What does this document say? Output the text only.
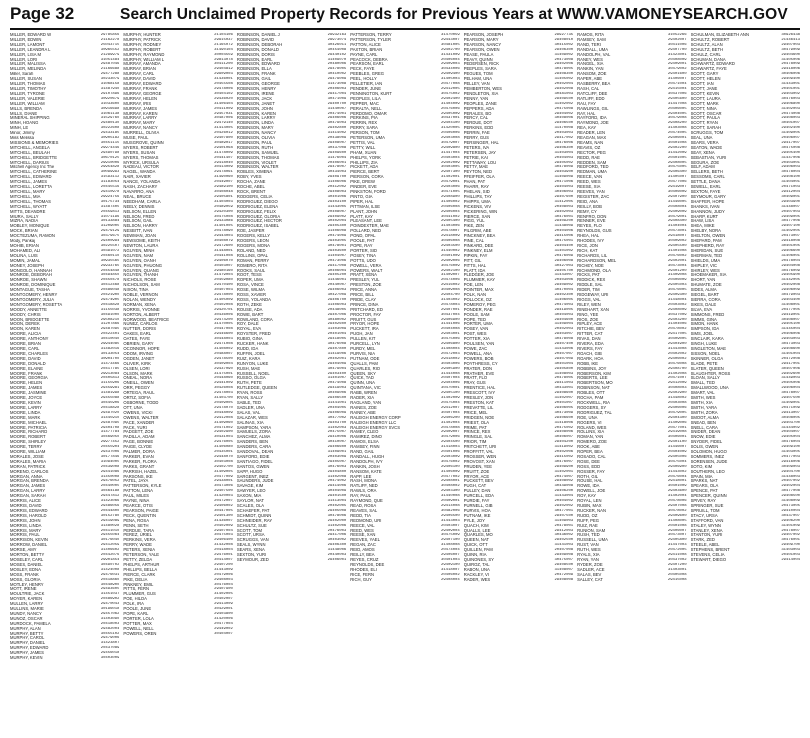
Page 32	Search Unclaimed Property Records for Previous Years at WWW.VAMONEYSEARCH.GOV
MILLER, EDWARD W	29785856
MILLER, EDWIN	21162278
MILLER, LAMONT	25043715
MILLER, LEANDRA L	30965552
MILLER, LISA M	21299979
MILLER, LORI	31051484
MILLER, MALISSA	29487046
MILLER, MELINDA	21166688
Miller, Sarah	29477288
MILLER, SUSAN	30233079
MILLER, THOMAS	31068158
MILLER, TIMOTHY	31487940
MILLER, TYRONE	29107896
MILLER, VALERIE	30920679
MILLER, WILLIAM	31033600
MILLS, BRENDA	30916698
MILLS, DIANE	31061138
MINERAL SHIPPING	31529760
MINH, HOANG	29480130
MINH, LE	30222608
Minor, Jimmy	29433185
Miss Melissa	30905182
MISSIONS & MEMORIES	30451115
MITCHELL, ANGELA	29974446
MITCHELL, BEULAH	29490798
MITCHELL, BRIDGETTE	30670125
MITCHELL, DARIUS	29910006
Mitchell Agency Inc The	29954828
MITCHELL, CATHERINE	30099993
MITCHELL, EDWARD	31593112
MITCHELL, JAMES	31183054
MITCHELL, LORETTA	20445516
MITCHELL, MARY	29410978
MITCHELL, MIA	29924756
MITCHELL, THOMAS	30175734
MITCHELL, WYATT	31487405
MITTS, DEANDRE	20459813
MIURA, SALLY	31071196
MIZRA, NADIA	30133884
MOBLEY, MONIQUE	31209005
MOCK, BRIAN	29479129
MOCTEZUMA, RAMON	30379675
Mody, Pankaj	29400994
MOHIB, ERIAN	30225507
MOHAMED, ALI	30391072
MOLINA, LUIS	20460110
MOMIN, JAMAL	30935565
MONEY, JOSEPH	29933765
MONGOLO, HANNAH	20454848
MONROE, DEBORAH	30494850
MONROE, SHAWN	20450478
MONROE, DOMINIQUE	30412468
MONTAGUE, TASHA	20486048
MONTGOMERY, HENRY	20421900
MONTGOMERY, JULIA	29474905
MONTGOMERY, ROSETTA	20418828
MOODY, ANNETTE	31155038
MOODY, CHRIS	30491000
MOON, BRIDGETTE	29508210
MOON, DEREK	31207866
MOON, KAREN	29487095
MOORE, ALICIA	20422401
MOORE, ANTHONY	30410040
MOORE, BRIAN	29944085
MOORE, CARL	31482016
MOORE, CHARLES	30133054
MOORE, DAVID	30904700
MOORE, DONALD	31473466
MOORE, ELAINE	20417785
MOORE, FRANK	29913084
MOORE, GEORGIA	20405813
MOORE, HELEN	31155906
MOORE, JAMES	29459981
MOORE, JASMINE	31481998
MOORE, JOYCE	29455088
MOORE, KEVIN	30445906
MOORE, LARRY	20418828
MOORE, LINDA	29497020
MOORE, MARK	31445910
MOORE, MICHAEL	29487095
MOORE, PATRICIA	29404708
MOORE, RICHARD	31477784
MOORE, ROBERT	30469050
MOORE, SHIRLEY	29977452
MOORE, TERRY	20455904
MOORE, WILLIAM	29437006
MORALES, JOSE	30177846
MORALES, MARIA	31094005
MORAN, PATRICK	20439008
MORENO, CARLOS	29441086
MORGAN, ANNA	31450008
MORGAN, BRENDA	29476052
MORGAN, JAMES	20440005
MORGAN, LARRY	30464188
MORGAN, SARAH	29447812
MORRIS, ALICE	31423066
MORRIS, DAVID	29486056
MORRIS, EDWARD	20444800
MORRIS, HAROLD	30152780
MORRIS, JOHN	29419089
MORRIS, LINDA	31480028
MORRIS, MARY	20411010
MORRIS, PAUL	29455064
MORRISON, KEVIN	30176040
MORROW, DANIEL	29412059
MORSE, AMY	31406602
MORTON, BETTY	20442076
MOSELEY, CARL	29901854
MOSES, DANIEL	30490702
MOSLEY, EDNA	31424008
MOSS, FRANK	29476031
MOSS, GLORIA	20418860
MOTLEY, HENRY	30448900
MOTT, IRENE	29493605
MOULTRIE, JACK	31451037
MOYER, KAREN	20486902
MULLEN, LARRY	29470043
MULLINS, MARIE	30196018
MUNDY, NANCY	29457062
MUNOZ, OSCAR	31403090
MURDOCK, PAMELA	20418003
MURPHY, ALAN	29482004
MURPHY, BETTY	30455102
MURPHY, CAROL	29479006
MURPHY, DANIEL	31423807
MURPHY, EDWARD	20437089
MURPHY, JAMES	29456018
MURPHY, KEVIN	30403009
MURPHY, HUNTER	21104106
MURPHY, PATRICK	29915037
MURPHY, RODNEY	21165072
MURPHY, ROBERT	31490104
MURPHY, RAYMOND	30004559
MURPHY, WILLIAM L	29813078
MURRAY, AMANDA	30411200
MURRAY, BRIAN	29404812
MURRAY, CARL	29909003
MURRAY, DAVID	31436001
MURRAY, EDWARD	20455508
MURRAY, FRANK	29478006
MURRAY, GEORGE	30404102
MURRAY, HELEN	29436020
MURRAY, IRIS	31406404
MURRAY, JAMES	20411009
MURRAY, KAREN	29457031
MURRAY, LARRY	30487006
MURRAY, MARY	29479140
MURRAY, NANCY	31414005
MURRELL, OLIVIA	20426012
MUSE, PAUL	29407800
MUSGROVE, QUINN	30489017
MYERS, ROBERT	29401068
MYERS, SUSAN	31478009
MYERS, THOMAS	20441407
MYRICK, URSULA	29418040
NADEAU, VICTOR	30414009
NAGEL, WANDA	29478061
NAIR, XAVIER	31490060
NANCE, YOLANDA	20449007
NASH, ZACHARY	29489100
NAVARRO, ANA	30408048
NEAL, BRUCE	29405801
NEEDHAM, CARLA	31404003
NEELY, DENNIS	20489059
NELSON, ELLEN	29420300
NELSON, FRED	30475008
NELSON, GAIL	29433086
NELSON, HARRY	31401005
NESBITT, IVAN	20478090
NEWMAN, JOAN	29444003
NEWSOME, KEITH	30408079
NEWTON, LAURA	29472600
NGUYEN, MINH	31448001
NGUYEN, NAM	20441008
NGUYEN, OANH	29406070
NGUYEN, PHUONG	30403007
NGUYEN, QUANG	29480160
NGUYEN, THANH	31479004
NICHOLS, ROSE	20459080
NICHOLSON, SAM	29470400
NIXON, TINA	30407003
NOBLE, VERNON	29478000
NOLAN, WENDY	31405009
NORMAN, XENA	20402008
NORRIS, YVONNE	29420701
NORTON, ALBERT	30436006
NORWOOD, BEATRICE	29474200
NUNEZ, CARLOS	31470005
NUTTER, DORIS	20447008
OAKES, EARL	29446600
OATES, FAYE	30448003
OBRIEN, GARY	29471008
OCONNOR, HOPE	31408002
ODOM, IRVING	20488007
OGDEN, JANET	29478500
OLIVER, KIRK	30409004
OLSEN, LORI	29437090
OLSON, MARK	31475001
ONEAL, NORA	20448060
ONEILL, OWEN	29441009
ORR, PEGGY	30426008
ORTEGA, RAUL	29478003
ORTIZ, SOFIA	31403700
OSBORNE, TODD	20409005
OTT, UNA	29478070
OWENS, VICKI	30448009
OWENS, WALTER	29412008
PACE, XANDER	31409060
PACK, YURI	20471002
PADGETT, ZOE	29402900
PADILLA, ADAM	30431003
PAGE, BONNIE	29476005
PAIGE, CLYDE	31406080
PALMER, DORA	20435001
PARKER, EVAN	29448070
PARKER, FLORA	30403008
PARKS, GRANT	29402700
PARRISH, HAZEL	31409005
PARSONS, IKE	20477009
PATEL, JAYA	29438001
PATTERSON, KYLE	30473006
PATTON, LENA	29407500
PAUL, MILES	31420003
PAYNE, NINA	20472007
PEARCE, OTIS	29406002
PEARSON, PAIGE	30447005
PECK, QUENTIN	29401300
PENA, ROSA	31436007
PENN, SETH	20402009
PERDUE, TARA	29407004
PEREZ, URIEL	30475003
PERKINS, VERA	29406400
PERRY, WADE	31432008
PETERS, XENIA	20418004
PETERSON, YALE	29476001
PETTY, ZELDA	30414007
PHELPS, ARTHUR	29407200
PHILLIPS, BELLA	31443009
PIERCE, CLARK	20479006
PIKE, DELIA	29408003
PINKNEY, EMIL	30476004
PITTS, FERN	29407900
PLUMMER, GUS	31402005
POE, HILDA	20402007
POLK, IRA	29413009
POOLE, JUNE	30429001
POPE, KARL	29403800
PORTER, LOLA	31420006
POTTER, MAX	20477004
POWELL, NELL	29449002
POWERS, OREN	30404007
ROBINSON, DANIEL J	29932163
ROBINSON, DAVID	29973074
ROBINSON, DEBORAH	30426011
ROBINSON, DONALD	30454008
ROBINSON, DORIS	29440102
ROBINSON, EARL	31409070
ROBINSON, EDWARD	20480006
ROBINSON, ELLA	29478005
ROBINSON, FRANK	30410002
ROBINSON, GAIL	29479009
ROBINSON, GEORGE	31473008
ROBINSON, HENRY	20406003
ROBINSON, IRENE	29417004
ROBINSON, JACK	30471009
ROBINSON, JANET	29400700
ROBINSON, JOHN	31440007
ROBINSON, KAREN	20474001
ROBINSON, LARRY	29406006
ROBINSON, LINDA	30479003
ROBINSON, MARY	29402800
ROBINSON, NANCY	31414002
ROBINSON, OLIVIA	20438009
ROBINSON, PAUL	29408007
ROBINSON, RUTH	30437008
ROBINSON, SAMUEL	29409600
ROBINSON, THOMAS	31476004
ROBINSON, VIOLET	20406001
ROBINSON, WALTER	29478007
ROBLES, XIMENA	30434003
ROBY, YVES	29409700
ROCHA, ZANE	31406006
ROCHE, ABEL	20412002
ROCK, BRENT	29408003
RODGERS, CELIA	30401006
RODRIGUEZ, DIEGO	29403100
RODRIGUEZ, ELENA	31443005
RODRIGUEZ, FELIX	20408007
RODRIGUEZ, GLORIA	29409002
RODRIGUEZ, HECTOR	30402004
RODRIGUEZ, ISABEL	29405300
ROE, JASPER	31406008
ROGERS, KELLY	20474009
ROGERS, LEON	29403005
ROGERS, MONA	30478001
ROLAND, NED	29403600
ROLLINS, OPAL	31404007
ROMAN, PERRY	20473006
ROMERO, RITA	29417008
ROOKS, SAUL	30406004
ROOT, TESS	29405200
ROPER, UMA	31446001
ROSA, VINCE	20440007
ROSE, WILMA	29406003
ROSS, XAVIER	30427009
ROSS, YOLANDA	29406700
ROTH, ZEKE	31406003
ROUSE, ADA	20448005
ROWE, BART	29407006
ROWLAND, CORA	30480002
ROY, DALE	29402600
ROYAL, EVA	31403009
ROYSTER, FRED	20401004
RUBIO, GINA	29418005
RUCKER, HANK	30476008
RUDD, IDA	29407800
RUFFIN, JOEL	31419006
RUIZ, KARA	20402001
RUNYON, LUKE	29404009
RUSH, MAE	30479004
RUSSELL, NOEL	29403400
RUSSO, OLGA	31401007
RUTH, PETE	20474008
RUTLEDGE, QUEEN	29419003
RYAN, ROSS	30409006
RYAN, SALLY	29406500
SABLE, TED	31441001
SADLER, UNA	20404005
SALAS, VAL	29406009
SALAZAR, WES	30477002
SALINAS, XIA	29403700
SAMPSON, YARA	31402003
SAMUELS, ZORA	20475007
SANCHEZ, ALMA	29410006
SANDERS, BEN	30410007
SANDERS, CARA	29406600
SANDOVAL, DEAN	31409001
SANFORD, EDIE	20403009
SANTIAGO, FIDEL	29405007
SANTOS, GWEN	30476003
SAPP, HUGO	29404800
SARGENT, INEZ	31402008
SAUNDERS, JUDE	20474002
SAVAGE, KIM	29414006
SAWYER, LEO	30404009
SAXON, MIA	29401500
SAYLOR, NAT	31413004
SCALES, OLA	20402005
SCHAEFER, PAT	29405008
SCHMIDT, QUINN	30478006
SCHNEIDER, RAY	29402000
SCHULTZ, SUE	31402006
SCOTT, TOM	20476003
SCOTT, URSA	29417006
SCRUGGS, VAN	30403002
SEALS, WYNN	29406300
SEARS, XENA	31448006
SEXTON, YURI	20440003
SEYMOUR, ZED	29406001
PATTERSON, TERRY	31470059
PATTERSON, TYLER	29443007
PATTON, ALICE	30481005
PAXTON, BRIAN	29402700
PAYNE, CARL	31431009
PEACOCK, DEBRA	20406004
PEARSON, EARL	29409003
PECK, FAYE	30434006
PEEBLES, GREG	29409400
PEEL, HOLLY	31405003
PELLETIER, IAN	20477008
PENDER, JUNE	29412005
PENNINGTON, KURT	30475002
PEOPLES, LILA	29402400
PEPPER, MAC	31404009
PERALTA, NELL	20476006
PERDOMO, OMAR	29405009
PERKINS, PIA	30437001
PERRIN, REX	29404100
PERRY, SARA	31420005
PERSON, TOM	20406006
PETERSON, UMA	29403008
PETTIS, VAL	30479007
PETTY, WILL	29409800
PHAM, XUAN	31447004
PHELPS, YORK	20403004
PHILLIPS, ZIA	29402009
PICKETT, ADA	30403005
PIERCE, BERT	29407300
PIERSON, CORA	31402001
PIKE, DREW	20479001
PINDER, EVE	29403006
PINKSTON, FORD	30471005
PINTO, GIA	29408900
PIPER, HAL	31406002
PITTMAN, ILSE	20406008
PLANT, JOHN	29406004
PLATT, KAY	30441002
PLEASANT, LEE	29405400
POINDEXTER, MAE	31403006
POLLARD, NED	20478007
POND, OPAL	29418009
POOLE, PAT	30406008
POPE, RAY	29403500
PORTER, SID	31440002
POSEY, TINA	20401009
POTTS, UDO	29409006
POWELL, VERA	30476009
POWERS, WALT	29402100
PRATT, XENA	31409007
PRESLEY, YUL	20474006
PRESTON, ZOE	29416002
PRICE, ANNA	30409008
PRICE, BILL	29404700
PRIDE, CLAY	31403002
PRINCE, DINA	20478003
PRITCHARD, ED	29407001
PROCTOR, FAY	30437004
PRUITT, GUS	29406900
PRYOR, HOPE	31441006
PUCKETT, IRA	20404008
PUGH, JAN	29403001
PULLEN, KIT	30475006
PURCELL, LYN	29406800
PURDY, MEL	31408004
PURVIS, NIA	20472003
PUTNAM, ODE	29418002
QUALLS, PAM	30403006
QUARLES, RIO	29405900
QUEEN, SKY	31444008
QUICK, TAD	20407004
QUINN, UNA	29404006
QUINTANA, VIC	30470001
RABB, WREN	29405100
RADER, XIA	31402009
RAGLAND, YAN	20475004
RAINES, ZOE	29412007
RAINEY, ABE	30407004
RALEIGH ENERGY CORP	29406200
RALEIGH ENERGY LLC	31402004
RALEIGH ENERGY SVCS	20478008
RAMEY, CLEO	29409007
RAMIREZ, DINO	30479006
RAMOS, ELSA	29404500
RAMSEY, FINN	31418003
RAND, GAIL	20401006
RANDALL, HUGH	29403009
RANDOLPH, IVY	30476002
RANKIN, JOSH	29406100
RANSOM, KATE	31406009
RAPP, LEE	20477002
RASH, MONA	29408001
RATLIFF, NED	30408002
RAWLS, ORA	29403300
RAY, PAUL	31440008
RAYMOND, QUE	20409001
READ, ROSA	29414008
REAVES, SAL	30482006
REDD, TIA	29406500
REDMOND, URI	31443003
REECE, VAL	20403007
REED, WES	29409004
REESE, XAN	30475009
REEVES, YAEL	29407100
REGAN, ZAC	31408008
REID, AMOS	20474004
REILLY, BEA	29406007
REYES, CRUZ	30401003
REYNOLDS, DEE	29409100
RHODES, ELI	31418007
RICE, FERN	20406002
RICH, GUY	29408004
PEARSON, JOSEPH	29927735
PEARSON, MARY	29408010
PEARSON, NANCY	30415002
PEARSON, OWEN	29406300
PEASE, PAULA	31409002
PEAVY, QUINN	20473008
PEDERSEN, RICK	29402006
PEEPLES, SARA	30478005
PEGUES, TOM	29408300
PELHAM, UNA	31405002
PELLEY, VAN	20402004
PEMBERTON, WES	29402008
PENDLETON, XIA	30481003
PENNY, YAN	29409500
PEOPLES, ZANE	31402002
PEPPERS, ADA	20475008
PERALES, BO	29404002
PERCY, CAL	30408006
PERDUE, DOT	29406500
PERKINS, EDD	31470008
PERRIN, FAE	20403003
PERRY, GUS	29417002
PERSINGER, HAL	30476006
PETERS, IVA	29406300
PETERSEN, JAY	31403004
PETRIE, KAI	20404003
PETTAWAY, LOU	29405002
PETTY, MAE	30478009
PEYTON, NED	29403900
PFEIFFER, OLA	31409009
PHAN, PAT	20471006
PHARR, RAY	29404003
PHELAN, SID	30406003
PHILLIPS, TAY	29407600
PHIPPS, UMA	31412005
PICKENS, VIV	20408003
PICKERING, WIN	29402003
PIERCE, XAN	30476001
PIGG, YUL	29409200
PIKE, ZEN	31448009
PILGRIM, ABE	20404006
PINCKNEY, BEA	29415006
PINE, CAL	30475001
PINKARD, DEE	29404400
PINKNEY, ELM	31401002
PIPKIN, FAY	20476009
PITT, GIL	29406008
PITTS, HAL	30427003
PLATT, IDA	29405700
PLEDGER, JOE	31443007
PLUMMER, KAY	20403006
POE, LEN	29409002
POINTER, MAX	30470004
POLK, NAN	29402300
POLLOCK, OZ	31406005
POMEROY, PEG	20474003
PONDER, RAE	29419005
POOLE, SAM	30404003
POPE, TED	29404600
PORTER, UMA	31409004
POSEY, VAN	20402003
POST, WES	29403007
POTTER, XIA	30478008
POULSEN, YAN	29407400
POWE, ZAC	31443006
POWELL, ANA	20407007
POWERS, BOB	29407009
POYTHRESS, CY	30401004
PRATER, DON	29405800
PRATHER, EVE	31408003
PRATT, FLO	20478005
PRAY, GUS	29411003
PRENTICE, HAL	30433001
PRESCOTT, IVY	29408600
PRESLEY, JON	31402007
PRESTON, KAT	20401007
PREVATTE, LIL	29406005
PRICE, MEL	30473009
PRIDGEN, NOE	29406600
PRIEST, OLA	31418006
PRIME, PAT	20475002
PRINCE, REX	29408006
PRINGLE, SAL	30406007
PRIOR, TIM	29404200
PRITCHETT, URI	31419002
PROFFITT, VAL	20402006
PROSSER, WEN	29415002
PROVOST, XAN	30476007
PRUDEN, YEE	29409900
PRUITT, ZOE	31402001
PRYOR, ACE	20474007
PUCKETT, BEV	29408002
PUGH, CAT	30449008
PULLEY, DAN	29406200
PURCELL, EDA	31443004
PURDIE, FAY	20404002
PURNELL, GIB	29402002
PURVIS, HOA	30477001
PUTNAM, IKE	29407500
PYLE, JOY	31409003
QUACH, KIM	20478001
QUALLS, LEE	29412003
QUARLES, MO	30436002
QUEEN, NAT	29402500
QUICK, OTT	31441003
QUILLEN, PAM	20407008
QUINN, RIA	29409008
QUINONES, SY	30475007
QUIROZ, TAL	29408500
RABON, UNA	31408007
RACKLEY, VI	20472009
RADER, WES	29408008
RAMOS, RITA	31052266
RAMSEY, SAM	29402007
RAND, TERI	30411006
RANDALL, UMA	29407700
RANDOLPH, VAL	31423001
RANEY, WES	20408009
RANGEL, XIA	29409001
RANKIN, YAN	30479002
RANSOM, ZOE	29401600
RAPER, ABE	31406007
RASBERRY, BEA	20471004
RASH, CAL	29415004
RATCLIFF, DEE	30437006
RATLIFF, EDD	29405600
RAU, FAY	31447008
RAWLINGS, GIL	20406005
RAY, HAL	29404005
RAYFORD, IDA	30479008
RAYMOND, JOE	29408200
REA, KAY	31403008
READER, LEN	20474005
REAGAN, MAX	29406001
REAMS, NAN	30401008
REAVIS, OZ	29402200
RECTOR, PEG	31442009
REDD, RAE	20401005
REDDEN, SAM	29408005
REDFORD, TED	30475005
REDMAN, UMA	29406400
REECE, VAN	31405007
REED, WES	20477006
REESE, XIA	29419007
REEVES, YAN	30406009
REGISTER, ZAC	29407900
REID, ANA	31446005
REILLY, BOB	20408004
REMY, CY	29409009
RENFRO, DON	30479001
RENNER, EVE	29408400
REYES, FLO	31404004
REYNOLDS, GUS	20473001
RHEA, HAL	29418007
RHODES, IVY	30409002
RICE, JON	29405500
RICH, KAT	31401008
RICHARDS, LIL	20476002
RICHARDSON, MEL	29402001
RICHEY, NOE	30473004
RICHMOND, OLA	29401200
RICKS, PAT	31409008
RIDDICK, REX	20406009
RIDDLE, SAL	29405003
RIDER, TIM	30476005
RIDGEWAY, URI	29409300
RIGGS, VAL	31448004
RILEY, WEN	20403002
RINEHART, XAN	29408009
RING, YEE	30437009
RIOS, ZOE	29403200
RIPLEY, ACE	31404006
RITCHIE, BEV	20478002
RITTER, CAT	29417005
RIVAS, DAN	30409005
RIVERA, EDA	29404900
RIVERS, FAY	31443008
ROACH, GIB	20402002
ROARK, HOA	29406002
ROBB, IKE	30476008
ROBBINS, JOY	29408700
ROBERSON, KIM	31402008
ROBERTS, LEE	20471007
ROBERTSON, MO	29412009
ROBINSON, NAT	30408003
ROBLES, OTT	29402900
ROCHA, PAM	31448002
ROCKWELL, RIA	20403008
RODGERS, SY	29406006
RODRIGUEZ, TAL	30479005
ROE, UNA	29404300
ROGERS, VI	31409006
ROLAND, WES	20477001
ROLLINS, XIA	29419008
ROMAN, YAN	30406001
ROMERO, ZOE	29401100
ROOK, ABE	31446007
ROPER, BEA	20404009
ROSADO, CAL	29405006
ROSE, DEE	30475004
ROSS, EDD	29406900
ROSSER, FAY	31443002
ROTH, GIL	20476004
ROUSE, HAL	29418001
ROWE, IDA	30401009
ROWELL, JOE	29403600
ROY, KAY	31402004
ROYAL, LEN	20478006
RUBIN, MAX	29407008
RUCKER, NAN	30478002
RUDD, OZ	29409600
RUFF, PEG	31408005
RUIZ, RAE	20401008
RUNION, SAM	29406007
RUSH, TED	30473007
RUSSELL, UMA	29405800
RUST, VAN	31447003
RUTH, WES	20472005
RYALS, XIA	29411008
RYAN, YAN	30437002
RYDER, ZOE	29407200
SADLER, ACE	31403001
SALAS, BEV	20405008
SALLEY, CAT	29415008
SCHULMAN, ELIZABETH ANN	30926438
SCHULTZ, ROBERT	21446413
SCHULTZ, ALAN	29407003
SCHULTZ, BETH	30479009
SCHULZ, CARL	29404600
SCHUMAN, DANA	31405006
SCHWARTZ, EDWARD	20478009
SCHWARTZ, FAYE	29418006
SCOTT, GARY	30406006
SCOTT, HELEN	29409400
SCOTT, IAN	31443001
SCOTT, JANE	20401001
SCOTT, KEVIN	29403002
SCOTT, LAURA	30476003
SCOTT, MARK	29406800
SCOTT, NINA	31402003
SCOTT, OSCAR	20474008
SCOTT, PAULA	29408003
SCOTT, RYAN	30401007
SCOTT, SARAH	29402400
SCRUGGS, TOM	31409005
SEAL, UNA	20406007
SEARS, VERA	29417007
SEATON, WADE	30475008
SEAY, XENA	29405400
SEBASTIAN, YURI	31447006
SEGURA, ZOE	20403001
SELF, ADAM	29406003
SELLERS, BETH	30478004
SESSOMS, CARL	29408100
SETTLE, DANA	31404001
SEWELL, EARL	20471003
SEXTON, FAYE	29412004
SEYMOUR, GARY	30409001
SHAFFER, HOPE	29403900
SHANKS, IVAN	31448007
SHANNON, JUDY	20407003
SHARP, KURT	29409005
SHAW, LISA	30477006
SHEA, MIKE	29407100
SHELBY, NORA	31402005
SHELTON, OWEN	20473007
SHEPARD, PAM	29418008
SHEPHERD, RAY	30401005
SHERIDAN, SUE	29406600
SHERMAN, TED	31406001
SHIELDS, UMA	20478004
SHIPLEY, VIC	29404008
SHIRLEY, WES	30476009
SHOEMAKER, XIA	29405900
SHORT, YAN	31442005
SHUMATE, ZOE	20402008
SIDES, ALMA	29406009
SIEGEL, BART	30479003
SIERRA, CORA	29403400
SIKES, DALE	31408001
SILVA, EVA	20477005
SIMMONS, FRED	29419001
SIMMS, GINA	30408007
SIMON, HANK	29405100
SIMPSON, IDA	31445004
SIMS, JOEL	20406006
SINCLAIR, KARA	29403003
SINGH, LUKE	30473003
SINGLETON, MAE	29408600
SISSON, NOEL	31401004
SKINNER, OLGA	20472008
SLADE, PETE	29417001
SLATER, QUEEN	30407006
SLAUGHTER, ROSS	29402600
SLOAN, SALLY	31449003
SMALL, TED	20405006
SMALLWOOD, UNA	29406004
SMART, VAL	30478007
SMITH, WES	29407500
SMITH, XIA	31409001
SMITH, YARA	20471009
SMITH, ZORA	29413007
SMOOT, ALMA	30408005
SNEAD, BEN	29403700
SNELL, CARA	31444002
SNIDER, DEAN	20404007
SNOW, EDIE	29405004
SNYDER, FIDEL	30476004
SOLIS, GWEN	29409100
SOLOMON, HUGO	31403005
SOMMERS, INEZ	20477003
SORENSEN, JUDE	29416006
SOTO, KIM	30409003
SOUTHERN, LEO	29404700
SPAIN, MIA	31448003
SPARKS, NAT	20407002
SPEARS, OLA	29402004
SPENCE, PAT	30477008
SPENCER, QUINN	29408500
SPIVEY, RAY	31408009
SPRINGER, SUE	20473005
SPRUILL, TOM	29410004
STACY, URSA	30437007
STAFFORD, VAN	29406200
STALEY, WYNN	31401009
STANLEY, XENA	20478007
STANTON, YURI	29407002
STARK, ZED	30476001
STEELE, ABEL	29409700
STEPHENS, BRENT	31403003
STEVENS, CELIA	20401003
STEWART, DIEGO	29414004
